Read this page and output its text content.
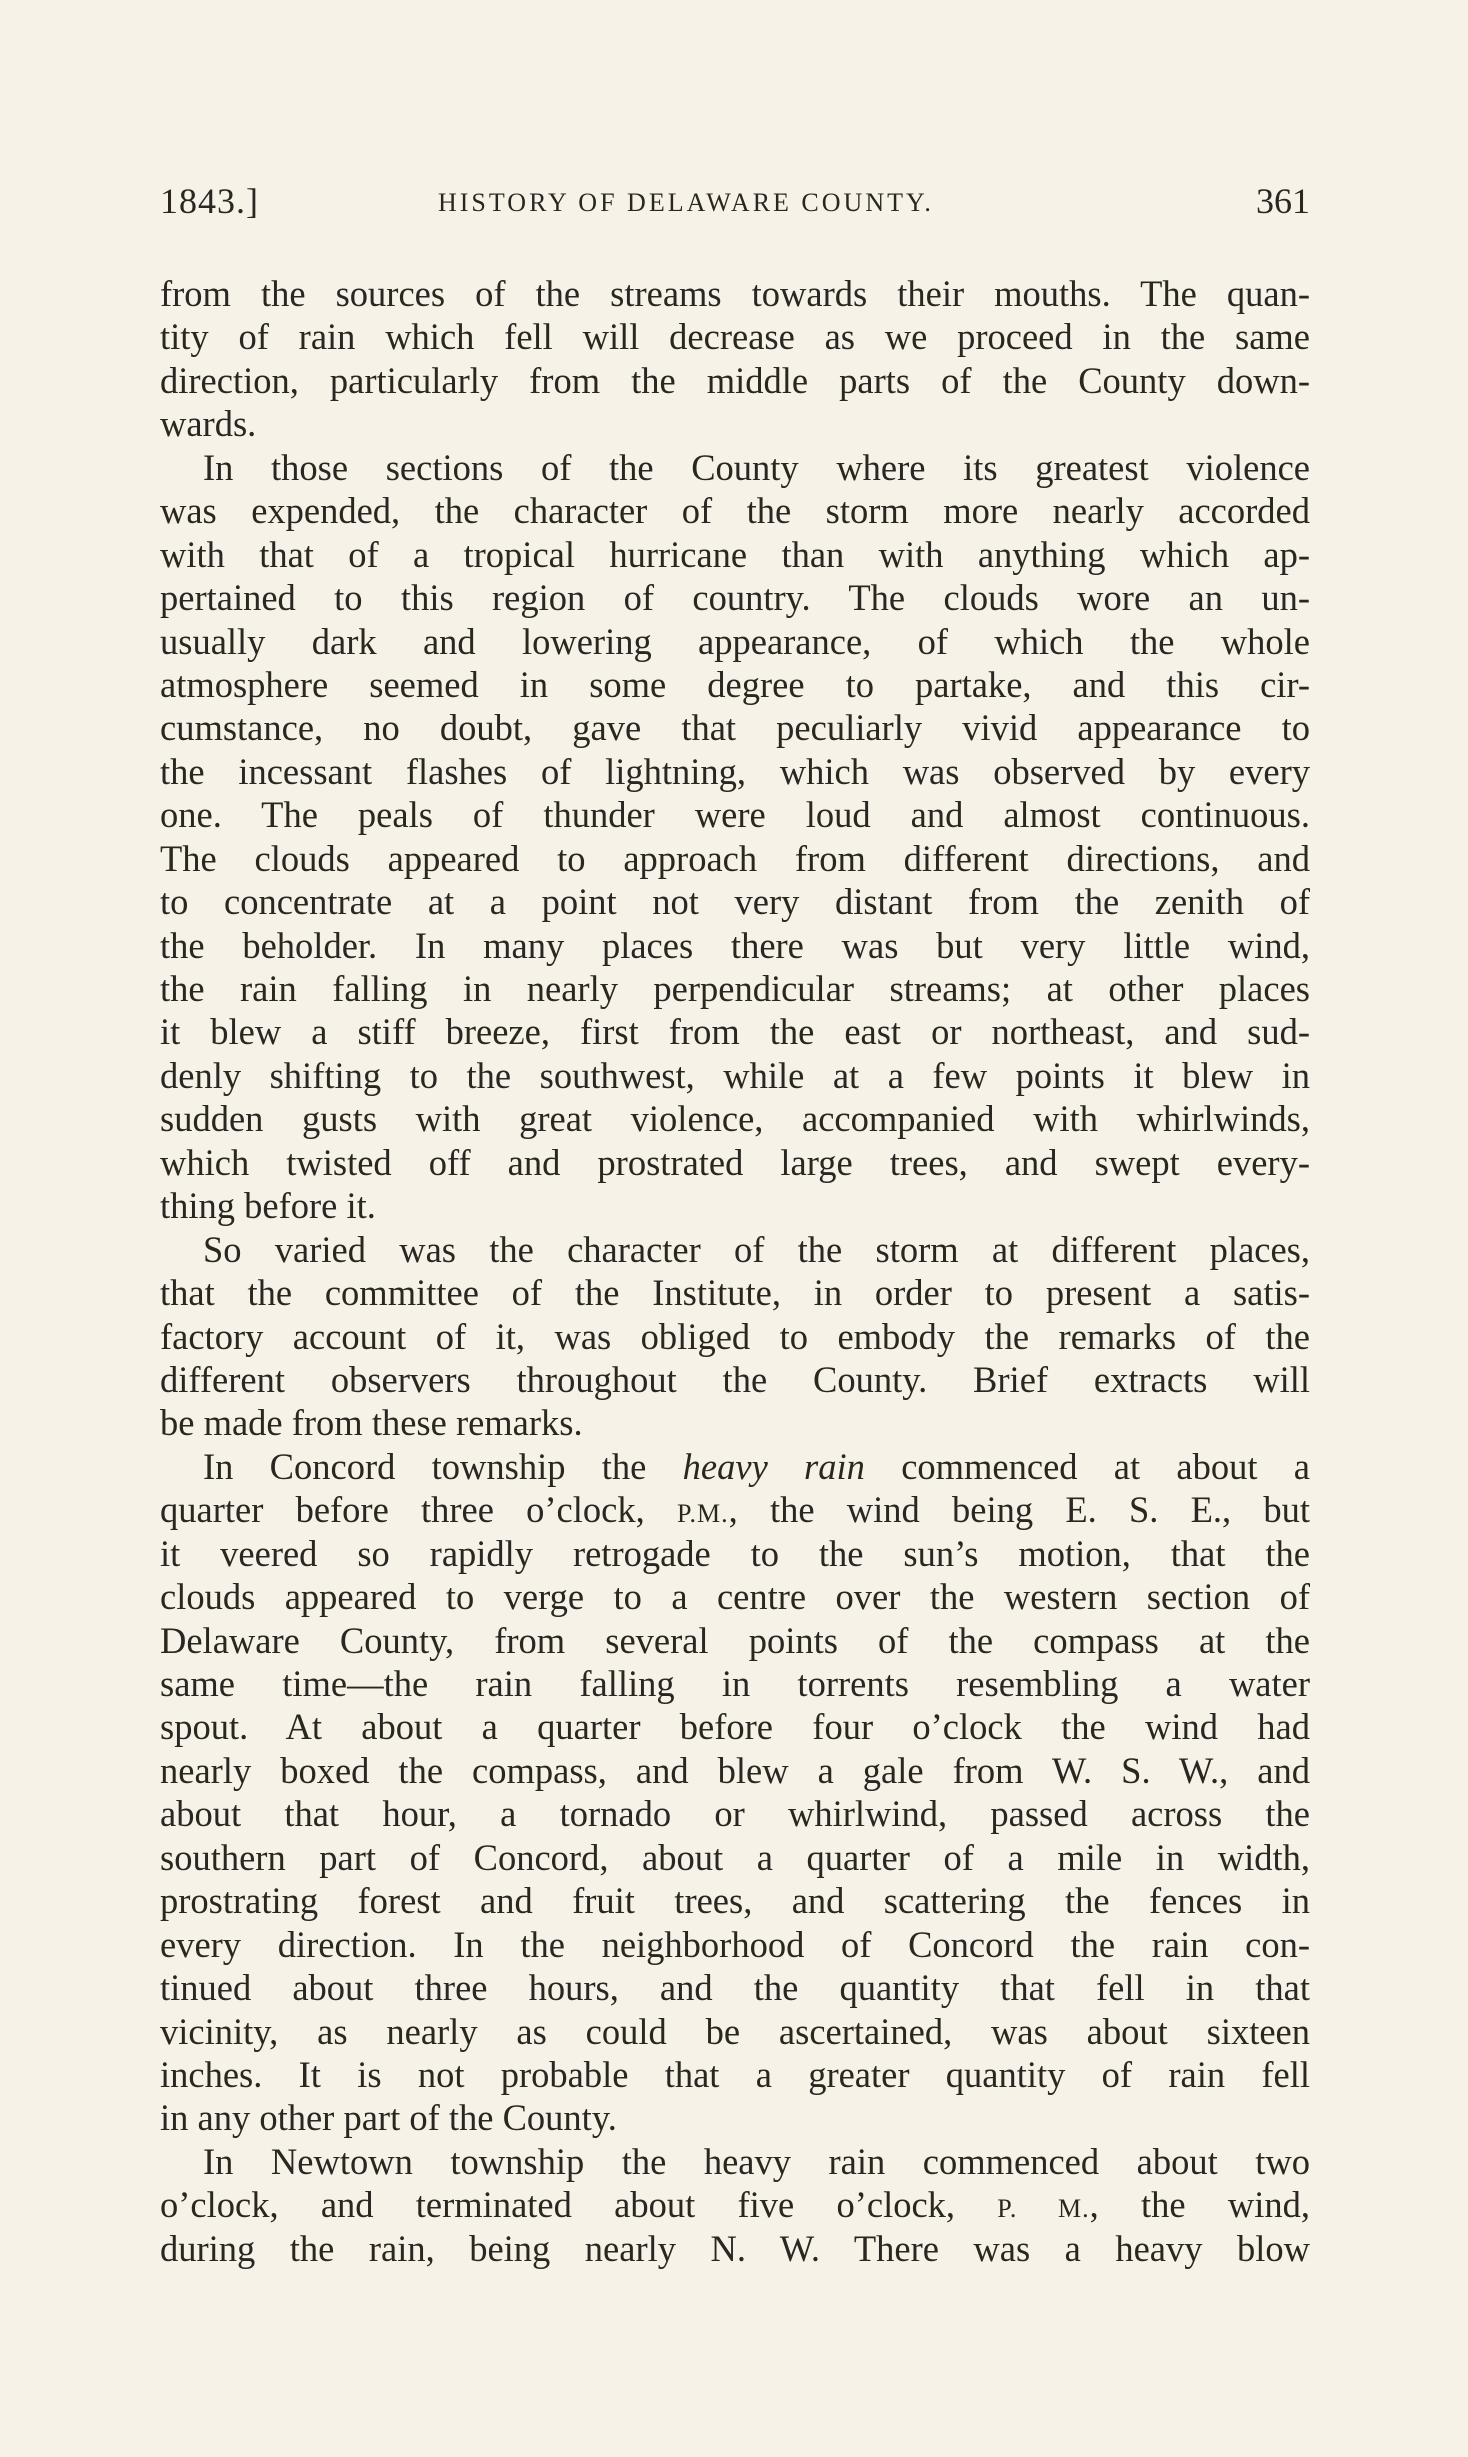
1843.]	HISTORY OF DELAWARE COUNTY.	361
from the sources of the streams towards their mouths. The quan-
tity of rain which fell will decrease as we proceed in the same
direction, particularly from the middle parts of the County down-
wards.
In those sections of the County where its greatest violence
was expended, the character of the storm more nearly accorded
with that of a tropical hurricane than with anything which ap-
pertained to this region of country. The clouds wore an un-
usually dark and lowering appearance, of which the whole
atmosphere seemed in some degree to partake, and this cir-
cumstance, no doubt, gave that peculiarly vivid appearance to
the incessant flashes of lightning, which was observed by every
one. The peals of thunder were loud and almost continuous.
The clouds appeared to approach from different directions, and
to concentrate at a point not very distant from the zenith of
the beholder. In many places there was but very little wind,
the rain falling in nearly perpendicular streams; at other places
it blew a stiff breeze, first from the east or northeast, and sud-
denly shifting to the southwest, while at a few points it blew in
sudden gusts with great violence, accompanied with whirlwinds,
which twisted off and prostrated large trees, and swept every-
thing before it.
So varied was the character of the storm at different places,
that the committee of the Institute, in order to present a satis-
factory account of it, was obliged to embody the remarks of the
different observers throughout the County. Brief extracts will
be made from these remarks.
In Concord township the heavy rain commenced at about a
quarter before three o’clock, P.M., the wind being E. S. E., but
it veered so rapidly retrogade to the sun’s motion, that the
clouds appeared to verge to a centre over the western section of
Delaware County, from several points of the compass at the
same time—the rain falling in torrents resembling a water
spout. At about a quarter before four o’clock the wind had
nearly boxed the compass, and blew a gale from W. S. W., and
about that hour, a tornado or whirlwind, passed across the
southern part of Concord, about a quarter of a mile in width,
prostrating forest and fruit trees, and scattering the fences in
every direction. In the neighborhood of Concord the rain con-
tinued about three hours, and the quantity that fell in that
vicinity, as nearly as could be ascertained, was about sixteen
inches. It is not probable that a greater quantity of rain fell
in any other part of the County.
In Newtown township the heavy rain commenced about two
o’clock, and terminated about five o’clock, P. M., the wind,
during the rain, being nearly N. W. There was a heavy blow
